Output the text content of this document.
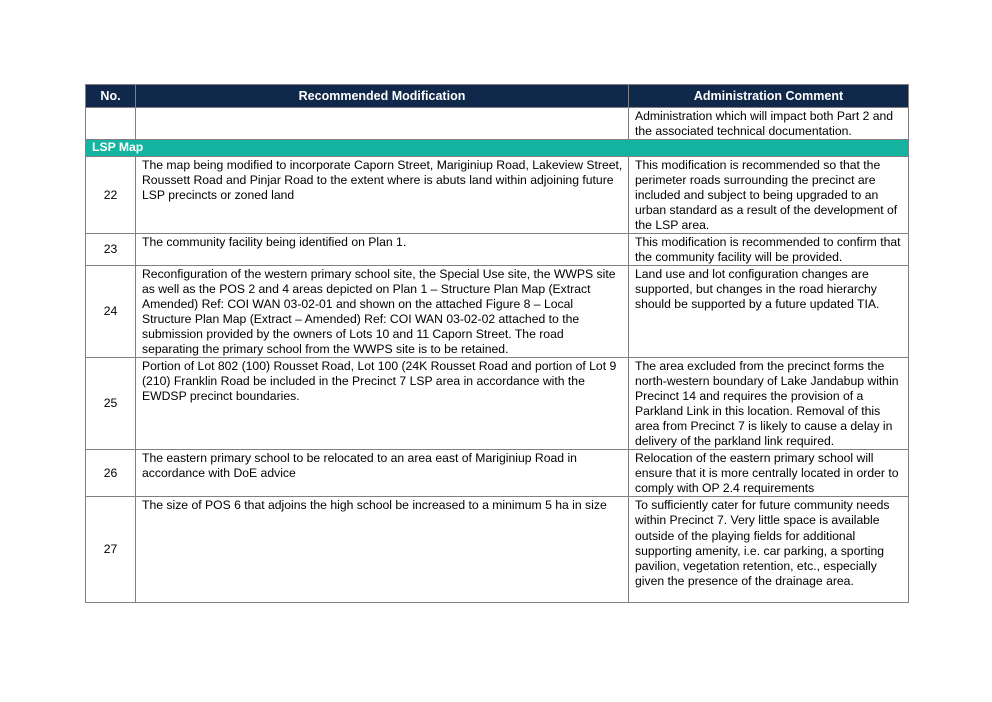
No.	Recommended Modification	Administration Comment
		Administration which will impact both Part 2 and the associated technical documentation.
LSP Map		
22	The map being modified to incorporate Caporn Street, Mariginiup Road, Lakeview Street, Roussett Road and Pinjar Road to the extent where is abuts land within adjoining future LSP precincts or zoned land	This modification is recommended so that the perimeter roads surrounding the precinct are included and subject to being upgraded to an urban standard as a result of the development of the LSP area.
23	The community facility being identified on Plan 1.	This modification is recommended to confirm that the community facility will be provided.
24	Reconfiguration of the western primary school site, the Special Use site, the WWPS site as well as the POS 2 and 4 areas depicted on Plan 1 – Structure Plan Map (Extract Amended) Ref: COI WAN 03-02-01 and shown on the attached Figure 8 – Local Structure Plan Map (Extract – Amended) Ref: COI WAN 03-02-02 attached to the submission provided by the owners of Lots 10 and 11 Caporn Street. The road separating the primary school from the WWPS site is to be retained.	Land use and lot configuration changes are supported, but changes in the road hierarchy should be supported by a future updated TIA.
25	Portion of Lot 802 (100) Rousset Road, Lot 100 (24K Rousset Road and portion of Lot 9 (210) Franklin Road be included in the Precinct 7 LSP area in accordance with the EWDSP precinct boundaries.	The area excluded from the precinct forms the north-western boundary of Lake Jandabup within Precinct 14 and requires the provision of a Parkland Link in this location. Removal of this area from Precinct 7 is likely to cause a delay in delivery of the parkland link required.
26	The eastern primary school to be relocated to an area east of Mariginiup Road in accordance with DoE advice	Relocation of the eastern primary school will ensure that it is more centrally located in order to comply with OP 2.4 requirements
27	The size of POS 6 that adjoins the high school be increased to a minimum 5 ha in size	To sufficiently cater for future community needs within Precinct 7. Very little space is available outside of the playing fields for additional supporting amenity, i.e. car parking, a sporting pavilion, vegetation retention, etc., especially given the presence of the drainage area.
